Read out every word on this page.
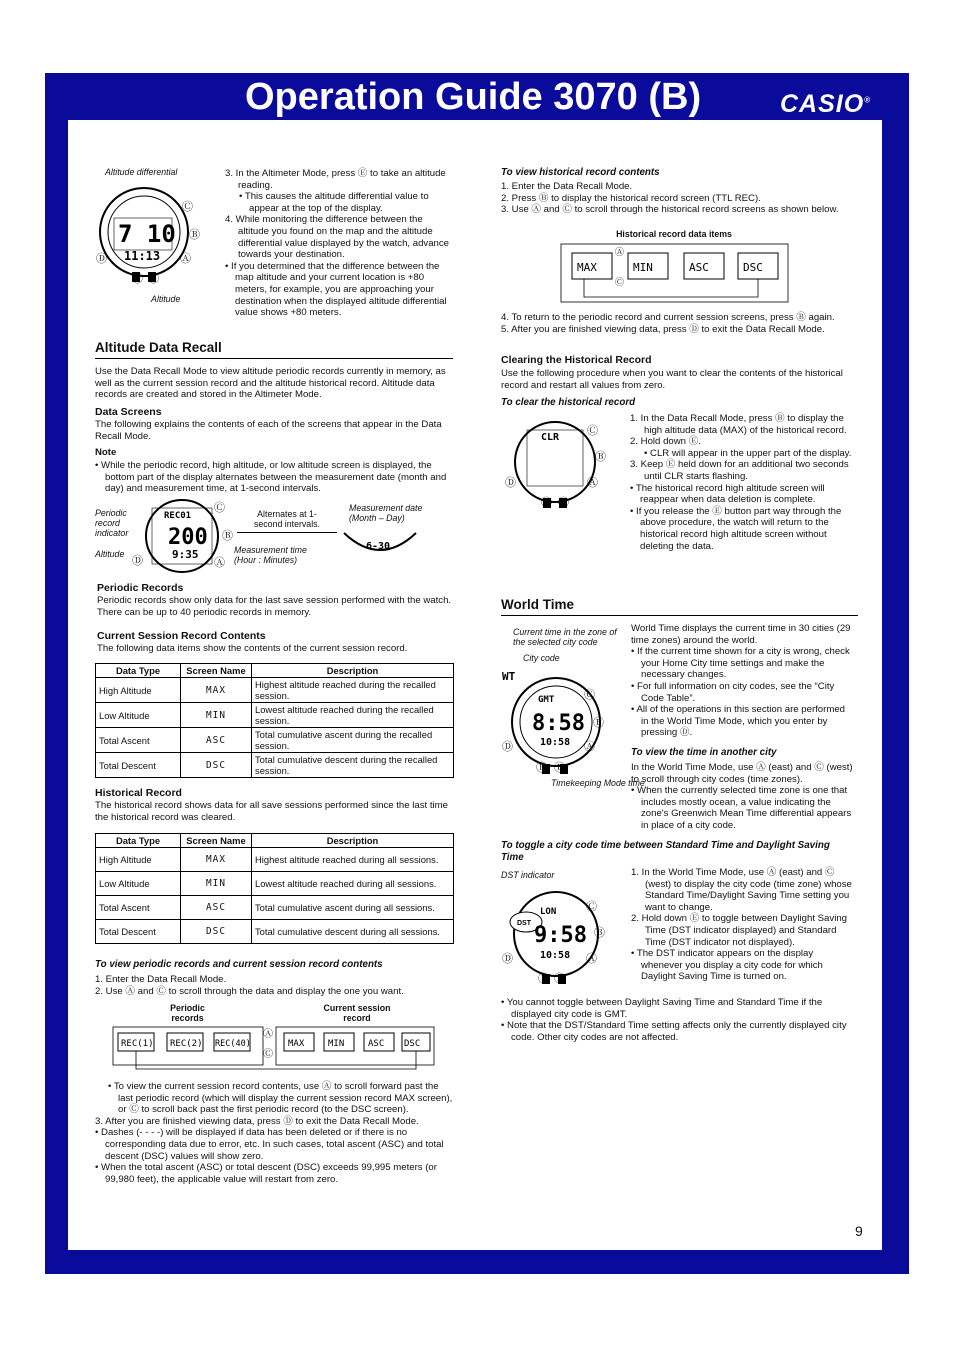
Operation Guide 3070 (B)	CASIO®
Altitude differential
7 10
11:13
Ⓒ
Ⓑ
Ⓓ	Ⓐ
Ⓔ Ⓛ
Altitude
3. In the Altimeter Mode, press Ⓔ to take an altitude reading.
• This causes the altitude differential value to appear at the top of the display.
4. While monitoring the difference between the altitude you found on the map and the altitude differential value displayed by the watch, advance towards your destination.
• If you determined that the difference between the map altitude and your current location is +80 meters, for example, you are approaching your destination when the displayed altitude differential value shows +80 meters.
Altitude Data Recall
Use the Data Recall Mode to view altitude periodic records currently in memory, as well as the current session record and the altitude historical record. Altitude data records are created and stored in the Altimeter Mode.
Data Screens
The following explains the contents of each of the screens that appear in the Data Recall Mode.
Note
• While the periodic record, high altitude, or low altitude screen is displayed, the bottom part of the display alternates between the measurement date (month and day) and measurement time, at 1-second intervals.
Periodic record indicator
Altitude
REC01
200
9:35
Ⓒ
Ⓑ
Ⓓ	Ⓐ
Alternates at 1-second intervals.
Measurement date (Month – Day)
6-30
Measurement time (Hour : Minutes)
Periodic Records
Periodic records show only data for the last save session performed with the watch. There can be up to 40 periodic records in memory.
Current Session Record Contents
The following data items show the contents of the current session record.
Data Type	Screen Name	Description
High Altitude	MAX	Highest altitude reached during the recalled session.
Low Altitude	MIN	Lowest altitude reached during the recalled session.
Total Ascent	ASC	Total cumulative ascent during the recalled session.
Total Descent	DSC	Total cumulative descent during the recalled session.
Historical Record
The historical record shows data for all save sessions performed since the last time the historical record was cleared.
Data Type	Screen Name	Description
High Altitude	MAX	Highest altitude reached during all sessions.
Low Altitude	MIN	Lowest altitude reached during all sessions.
Total Ascent	ASC	Total cumulative ascent during all sessions.
Total Descent	DSC	Total cumulative descent during all sessions.
To view periodic records and current session record contents
1. Enter the Data Recall Mode.
2. Use Ⓐ and Ⓒ to scroll through the data and display the one you want.
Periodic records
Current session record
REC(1) REC(2) REC(40)	MAX	MIN	ASC DSC
Ⓐ
Ⓒ
• To view the current session record contents, use Ⓐ to scroll forward past the last periodic record (which will display the current session record MAX screen), or Ⓒ to scroll back past the first periodic record (to the DSC screen).
3. After you are finished viewing data, press Ⓓ to exit the Data Recall Mode.
• Dashes (- - - -) will be displayed if data has been deleted or if there is no corresponding data due to error, etc. In such cases, total ascent (ASC) and total descent (DSC) values will show zero.
• When the total ascent (ASC) or total descent (DSC) exceeds 99,995 meters (or 99,980 feet), the applicable value will restart from zero.
To view historical record contents
1. Enter the Data Recall Mode.
2. Press Ⓑ to display the historical record screen (TTL REC).
3. Use Ⓐ and Ⓒ to scroll through the historical record screens as shown below.
Historical record data items
MAX	MIN	ASC	DSC
Ⓐ
Ⓒ
4. To return to the periodic record and current session screens, press Ⓑ again.
5. After you are finished viewing data, press Ⓓ to exit the Data Recall Mode.
Clearing the Historical Record
Use the following procedure when you want to clear the contents of the historical record and restart all values from zero.
To clear the historical record
CLR
Ⓒ
Ⓑ
Ⓓ	Ⓐ
Ⓔ Ⓛ
1. In the Data Recall Mode, press Ⓑ to display the high altitude data (MAX) of the historical record.
2. Hold down Ⓔ.
• CLR will appear in the upper part of the display.
3. Keep Ⓔ held down for an additional two seconds until CLR starts flashing.
• The historical record high altitude screen will reappear when data deletion is complete.
• If you release the Ⓔ button part way through the above procedure, the watch will return to the historical record high altitude screen without deleting the data.
World Time
Current time in the zone of the selected city code
City code
WT
GMT
8:58
10:58
Ⓒ
Ⓑ
Ⓓ	Ⓐ
Ⓔ Ⓛ
Timekeeping Mode time
World Time displays the current time in 30 cities (29 time zones) around the world.
• If the current time shown for a city is wrong, check your Home City time settings and make the necessary changes.
• For full information on city codes, see the “City Code Table”.
• All of the operations in this section are performed in the World Time Mode, which you enter by pressing Ⓓ.
To view the time in another city
In the World Time Mode, use Ⓐ (east) and Ⓒ (west) to scroll through city codes (time zones).
• When the currently selected time zone is one that includes mostly ocean, a value indicating the zone's Greenwich Mean Time differential appears in place of a city code.
To toggle a city code time between Standard Time and Daylight Saving Time
DST indicator
DST
LON
9:58
10:58
Ⓒ
Ⓑ
Ⓓ	Ⓐ
Ⓔ Ⓛ
1. In the World Time Mode, use Ⓐ (east) and Ⓒ (west) to display the city code (time zone) whose Standard Time/Daylight Saving Time setting you want to change.
2. Hold down Ⓔ to toggle between Daylight Saving Time (DST indicator displayed) and Standard Time (DST indicator not displayed).
• The DST indicator appears on the display whenever you display a city code for which Daylight Saving Time is turned on.
• You cannot toggle between Daylight Saving Time and Standard Time if the displayed city code is GMT.
• Note that the DST/Standard Time setting affects only the currently displayed city code. Other city codes are not affected.
9
